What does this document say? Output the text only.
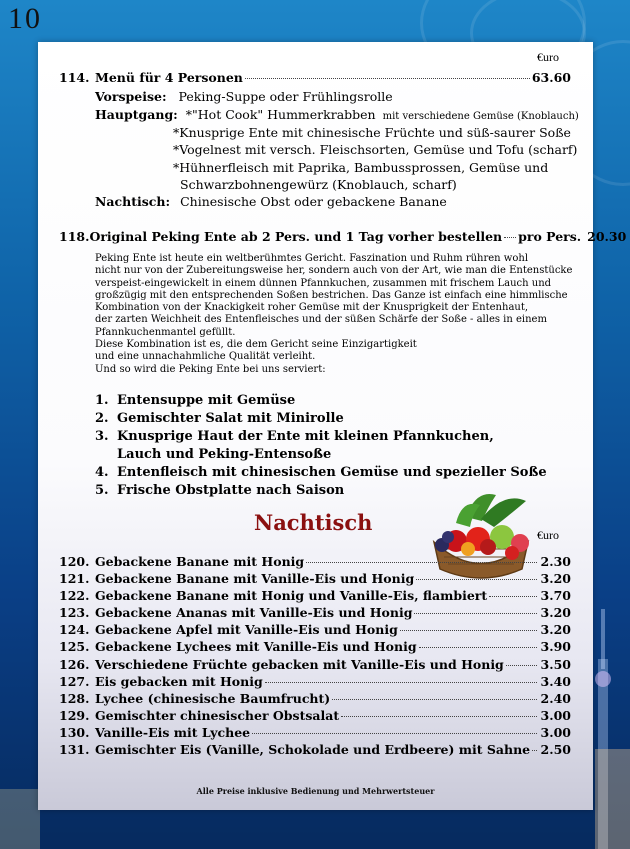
10
€uro
114. Menü für 4 Personen	63.60
Vorspeise: Peking-Suppe oder Frühlingsrolle
Hauptgang: *"Hot Cook" Hummerkrabben mit verschiedene Gemüse (Knoblauch)
*Knusprige Ente mit chinesische Früchte und süß-saurer Soße
*Vogelnest mit versch. Fleischsorten, Gemüse und Tofu (scharf)
*Hühnerfleisch mit Paprika, Bambussprossen, Gemüse und
Schwarzbohnengewürz (Knoblauch, scharf)
Nachtisch: Chinesische Obst oder gebackene Banane
118. Original Peking Ente ab 2 Pers. und 1 Tag vorher bestellen pro Pers. 20.30
Peking Ente ist heute ein weltberühmtes Gericht. Faszination und Ruhm rühren wohl
nicht nur von der Zubereitungsweise her, sondern auch von der Art, wie man die Entenstücke
verspeist-eingewickelt in einem dünnen Pfannkuchen, zusammen mit frischem Lauch und
großzügig mit den entsprechenden Soßen bestrichen. Das Ganze ist einfach eine himmlische
Kombination von der Knackigkeit roher Gemüse mit der Knusprigkeit der Entenhaut,
der zarten Weichheit des Entenfleisches und der süßen Schärfe der Soße - alles in einem
Pfannkuchenmantel gefüllt.
Diese Kombination ist es, die dem Gericht seine Einzigartigkeit
und eine unnachahmliche Qualität verleiht.
Und so wird die Peking Ente bei uns serviert:
1. Entensuppe mit Gemüse
2. Gemischter Salat mit Minirolle
3. Knusprige Haut der Ente mit kleinen Pfannkuchen,
Lauch und Peking-Entensoße
4. Entenfleisch mit chinesischen Gemüse und spezieller Soße
5. Frische Obstplatte nach Saison
Nachtisch	€uro
120. Gebackene Banane mit Honig	2.30
121. Gebackene Banane mit Vanille-Eis und Honig	3.20
122. Gebackene Banane mit Honig und Vanille-Eis, flambiert	3.70
123. Gebackene Ananas mit Vanille-Eis und Honig	3.20
124. Gebackene Apfel mit Vanille-Eis und Honig	3.20
125. Gebackene Lychees mit Vanille-Eis und Honig	3.90
126. Verschiedene Früchte gebacken mit Vanille-Eis und Honig	3.50
127. Eis gebacken mit Honig	3.40
128. Lychee (chinesische Baumfrucht)	2.40
129. Gemischter chinesischer Obstsalat	3.00
130. Vanille-Eis mit Lychee	3.00
131. Gemischter Eis (Vanille, Schokolade und Erdbeere) mit Sahne 2.50
Alle Preise inklusive Bedienung und Mehrwertsteuer
